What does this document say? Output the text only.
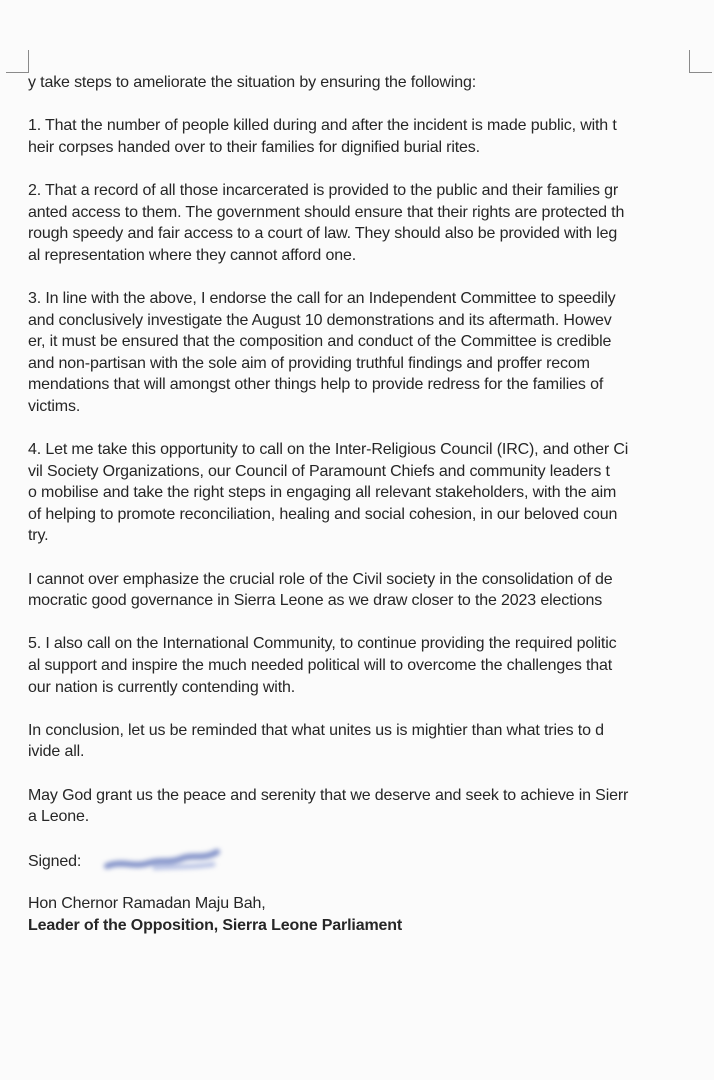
y take steps to ameliorate the situation by ensuring the following:
1. That the number of people killed during and after the incident is made public, with t
heir corpses handed over to their families for dignified burial rites.
2. That a record of all those incarcerated is provided to the public and their families gr
anted access to them. The government should ensure that their rights are protected th
rough speedy and fair access to a court of law. They should also be provided with leg
al representation where they cannot afford one.
3. In line with the above, I endorse the call for an Independent Committee to speedily
and conclusively investigate the August 10 demonstrations and its aftermath. Howev
er, it must be ensured that the composition and conduct of the Committee is credible
and non-partisan with the sole aim of providing truthful findings and proffer recom
mendations that will amongst other things help to provide redress for the families of
victims.
4. Let me take this opportunity to call on the Inter-Religious Council (IRC), and other Ci
vil Society Organizations, our Council of Paramount Chiefs and community leaders t
o mobilise and take the right steps in engaging all relevant stakeholders, with the aim
of helping to promote reconciliation, healing and social cohesion, in our beloved coun
try.
I cannot over emphasize the crucial role of the Civil society in the consolidation of de
mocratic good governance in Sierra Leone as we draw closer to the 2023 elections
5. I also call on the International Community, to continue providing the required politic
al support and inspire the much needed political will to overcome the challenges that
our nation is currently contending with.
In conclusion, let us be reminded that what unites us is mightier than what tries to d
ivide all.
May God grant us the peace and serenity that we deserve and seek to achieve in Sierr
a Leone.
Signed:
Hon Chernor Ramadan Maju Bah,
Leader of the Opposition, Sierra Leone Parliament
